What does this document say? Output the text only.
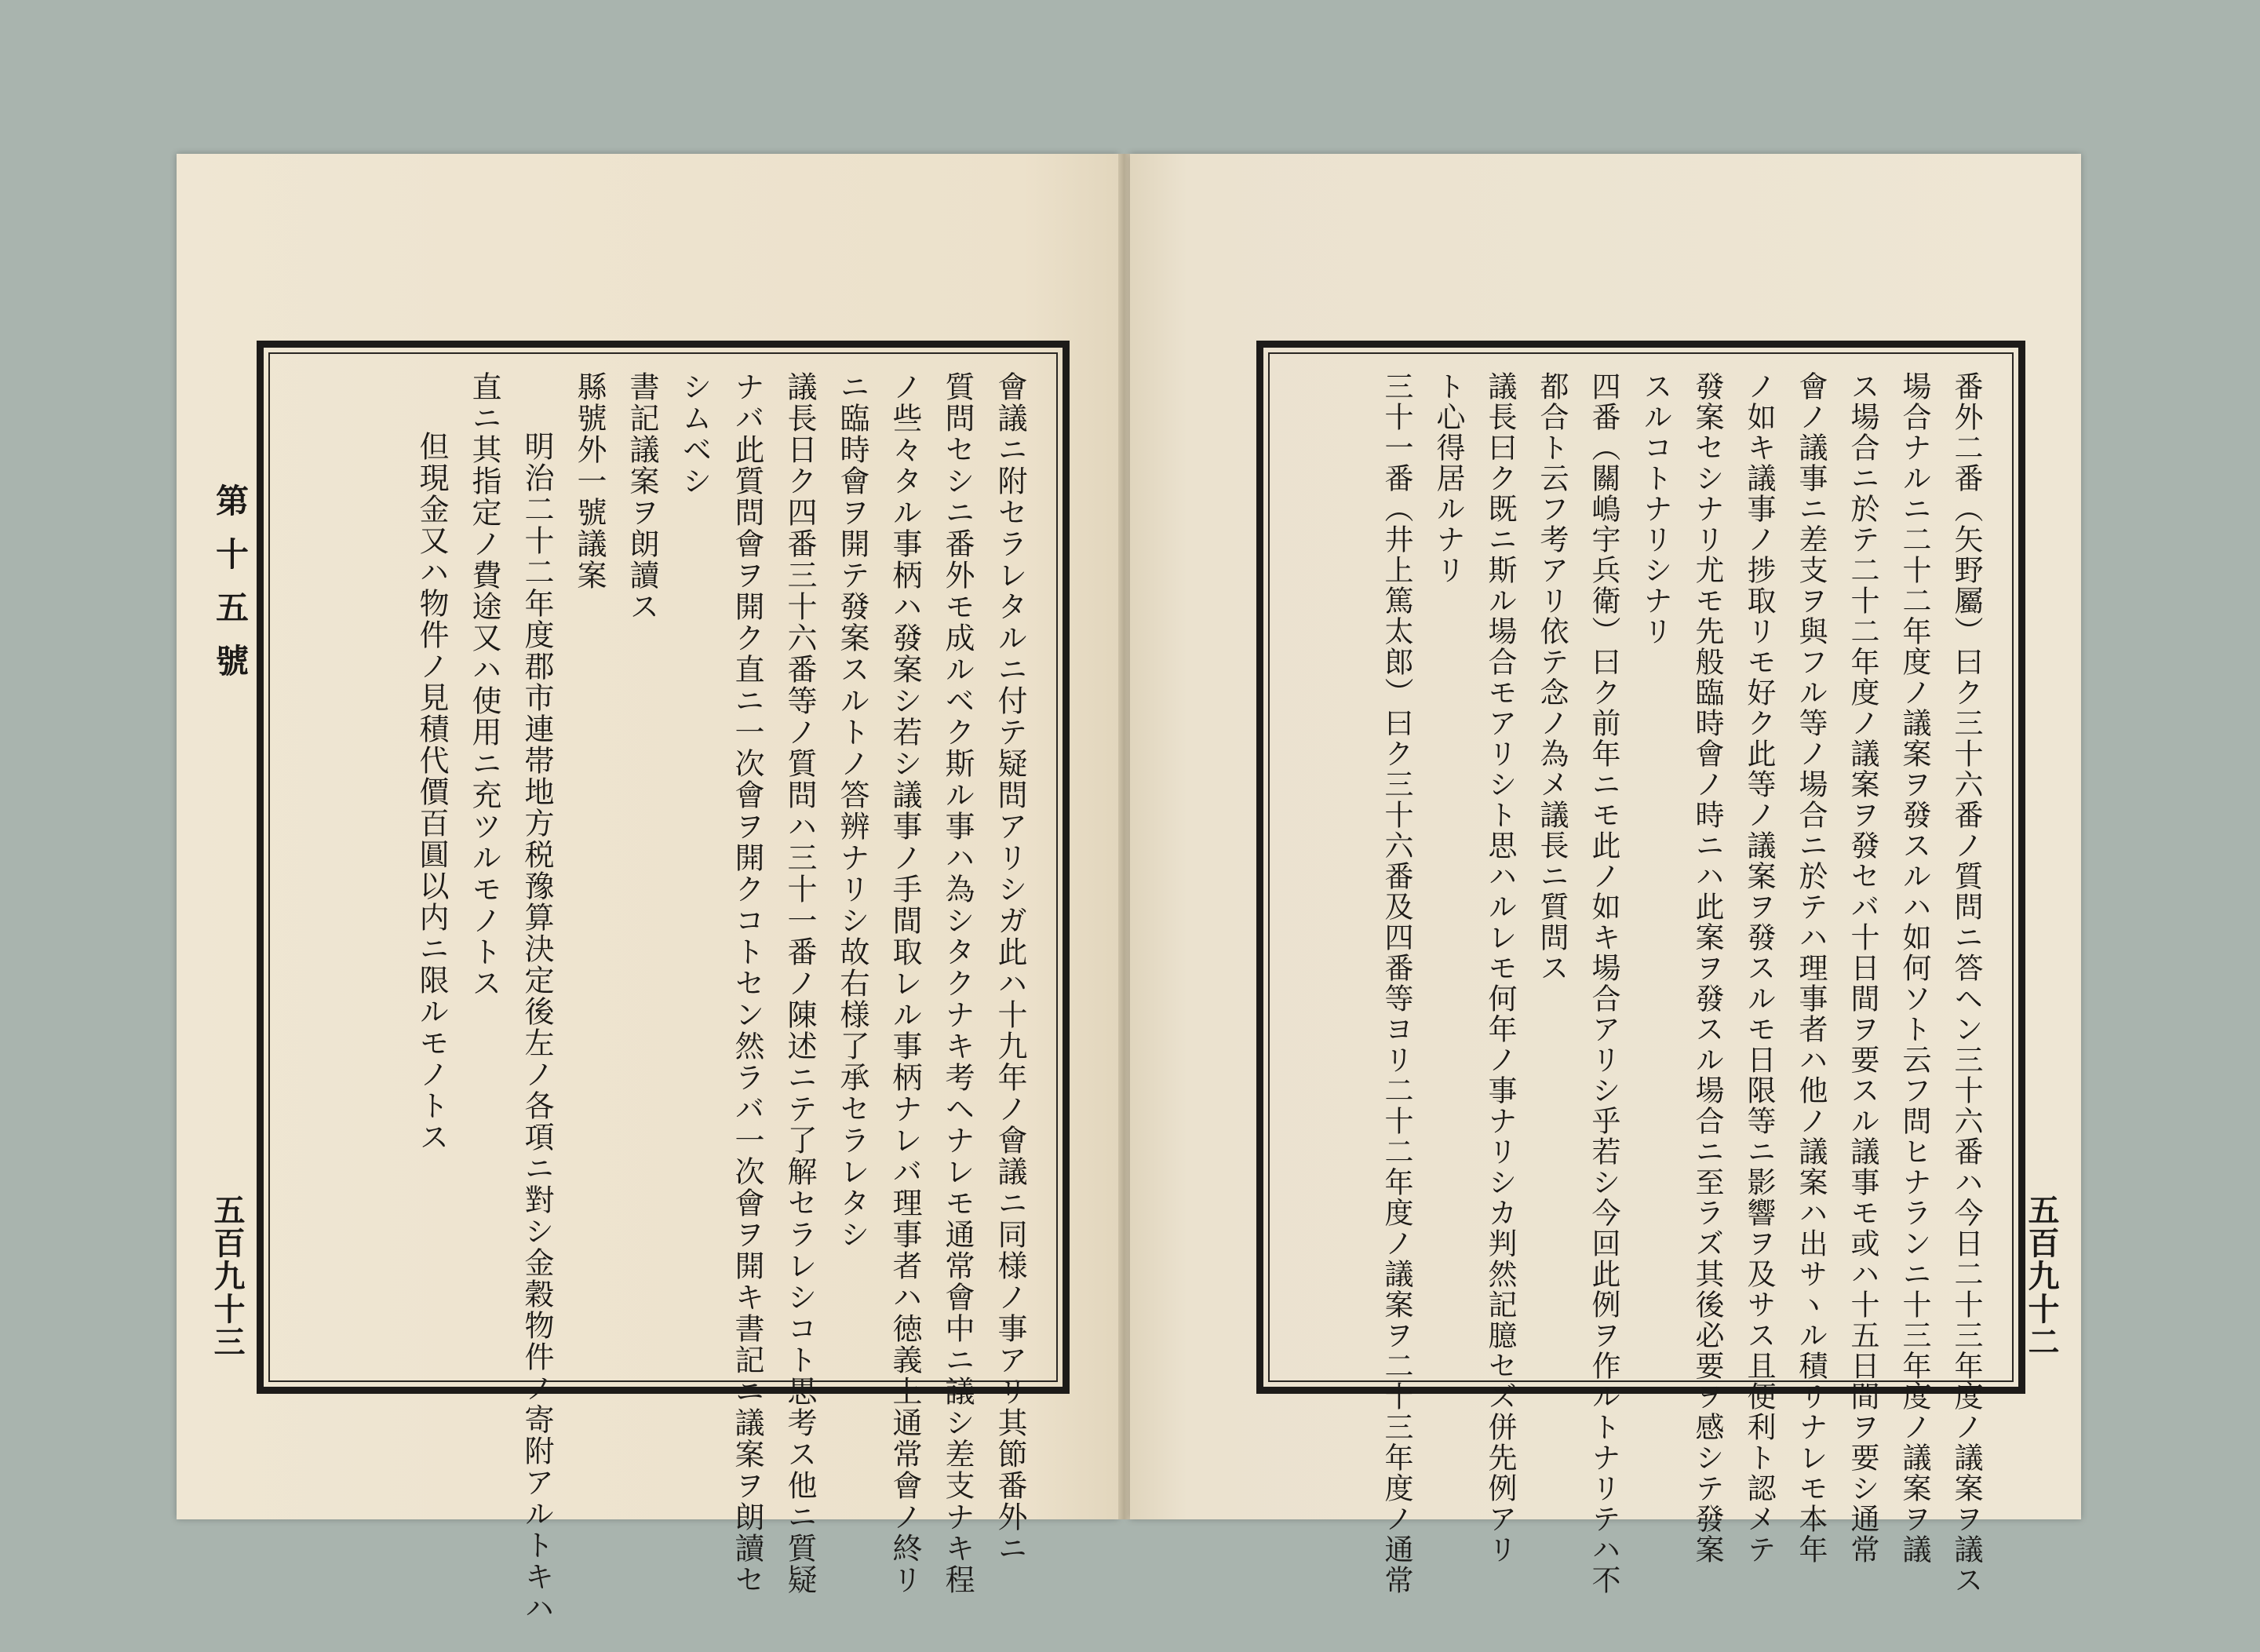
第十五號
五百九十三	會議ニ附セラレタルニ付テ疑問アリシガ此ハ十九年ノ會議ニ同様ノ事アリ其節番外ニ
質問セシニ番外モ成ルベク斯ル事ハ為シタクナキ考ヘナレモ通常會中ニ議シ差支ナキ程
ノ些々タル事柄ハ發案シ若シ議事ノ手間取レル事柄ナレバ理事者ハ徳義上通常會ノ終リ
ニ臨時會ヲ開テ發案スルトノ答辨ナリシ故右様了承セラレタシ
議長日ク四番三十六番等ノ質問ハ三十一番ノ陳述ニテ了解セラレシコト思考ス他ニ質疑
ナバ此質問會ヲ開ク直ニ一次會ヲ開クコトセン然ラバ一次會ヲ開キ書記ニ議案ヲ朗讀セ
シムベシ
書記議案ヲ朗讀ス
縣號外一號議案
明治二十二年度郡市連帯地方税豫算決定後左ノ各項ニ對シ金穀物件ノ寄附アルトキハ
直ニ其指定ノ費途又ハ使用ニ充ツルモノトス
但現金又ハ物件ノ見積代價百圓以内ニ限ルモノトス
五百九十二
番外二番（矢野屬）曰ク三十六番ノ質問ニ答ヘン三十六番ハ今日二十三年度ノ議案ヲ議ス
場合ナルニ二十二年度ノ議案ヲ發スルハ如何ソト云フ問ヒナランニ十三年度ノ議案ヲ議
ス場合ニ於テ二十二年度ノ議案ヲ發セバ十日間ヲ要スル議事モ或ハ十五日間ヲ要シ通常
會ノ議事ニ差支ヲ與フル等ノ場合ニ於テハ理事者ハ他ノ議案ハ出サヽル積リナレモ本年
ノ如キ議事ノ捗取リモ好ク此等ノ議案ヲ發スルモ日限等ニ影響ヲ及サス且便利ト認メテ
發案セシナリ尤モ先般臨時會ノ時ニハ此案ヲ發スル場合ニ至ラズ其後必要ヲ感シテ發案
スルコトナリシナリ
四番（關嶋宇兵衛）曰ク前年ニモ此ノ如キ場合アリシ乎若シ今回此例ヲ作ルトナリテハ不
都合ト云フ考アリ依テ念ノ為メ議長ニ質問ス
議長曰ク既ニ斯ル場合モアリシト思ハルレモ何年ノ事ナリシカ判然記臆セズ併先例アリ
ト心得居ルナリ
三十一番（井上篤太郎）曰ク三十六番及四番等ヨリ二十二年度ノ議案ヲ二十三年度ノ通常
